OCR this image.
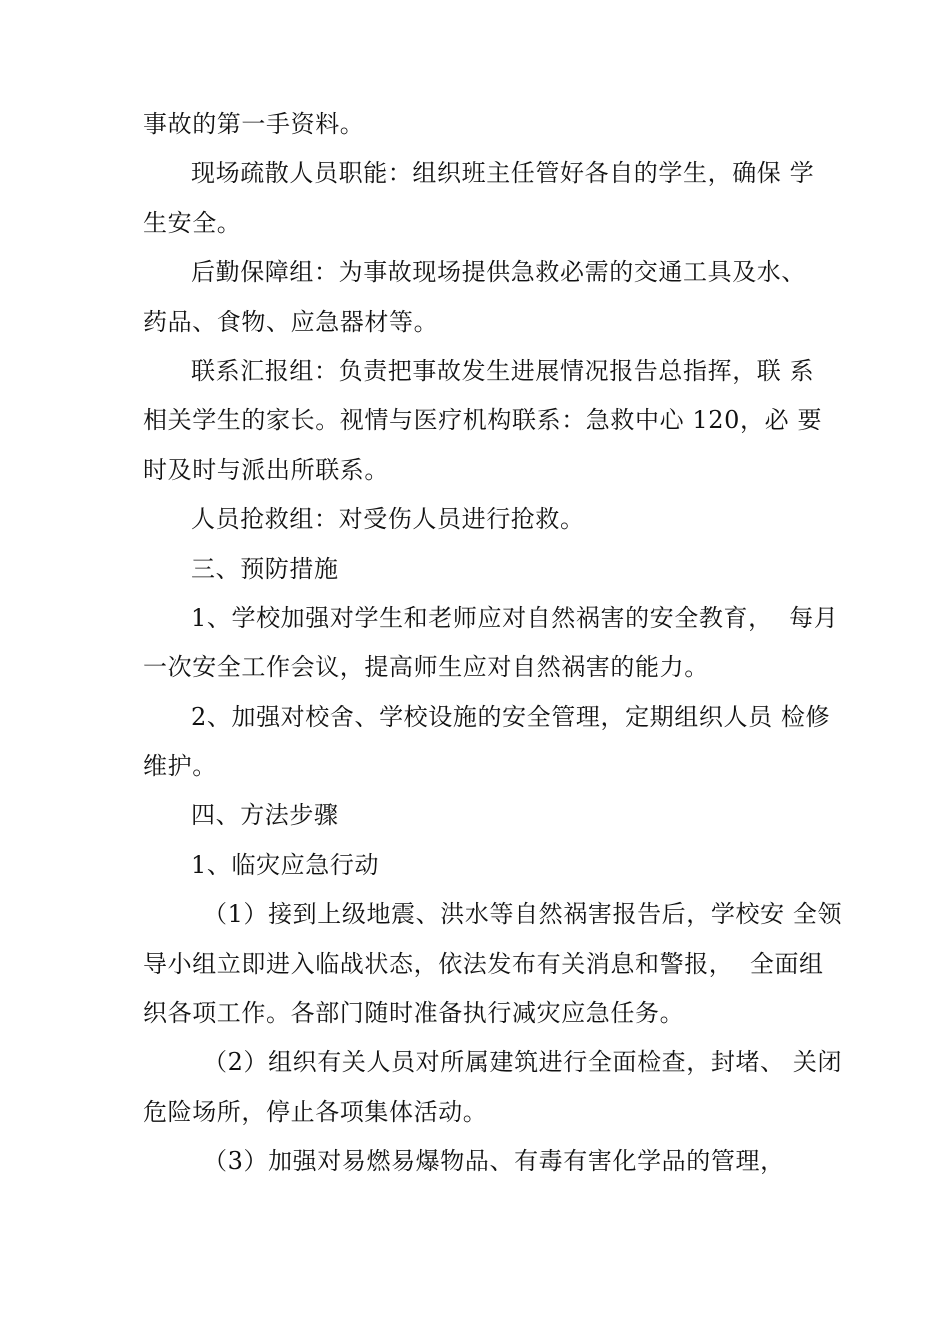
事故的第一手资料。
现场疏散人员职能：组织班主任管好各自的学生，确保 学
生安全。
后勤保障组：为事故现场提供急救必需的交通工具及水、
药品、食物、应急器材等。
联系汇报组：负责把事故发生进展情况报告总指挥，联 系
相关学生的家长。视情与医疗机构联系：急救中心 120，必 要
时及时与派出所联系。
人员抢救组：对受伤人员进行抢救。
三、预防措施
1、学校加强对学生和老师应对自然祸害的安全教育，  每月
一次安全工作会议，提高师生应对自然祸害的能力。
2、加强对校舍、学校设施的安全管理，定期组织人员 检修
维护。
四、方法步骤
1、临灾应急行动
（1）接到上级地震、洪水等自然祸害报告后，学校安 全领
导小组立即进入临战状态，依法发布有关消息和警报，  全面组
织各项工作。各部门随时准备执行减灾应急任务。
（2）组织有关人员对所属建筑进行全面检查，封堵、 关闭
危险场所，停止各项集体活动。
（3）加强对易燃易爆物品、有毒有害化学品的管理，
